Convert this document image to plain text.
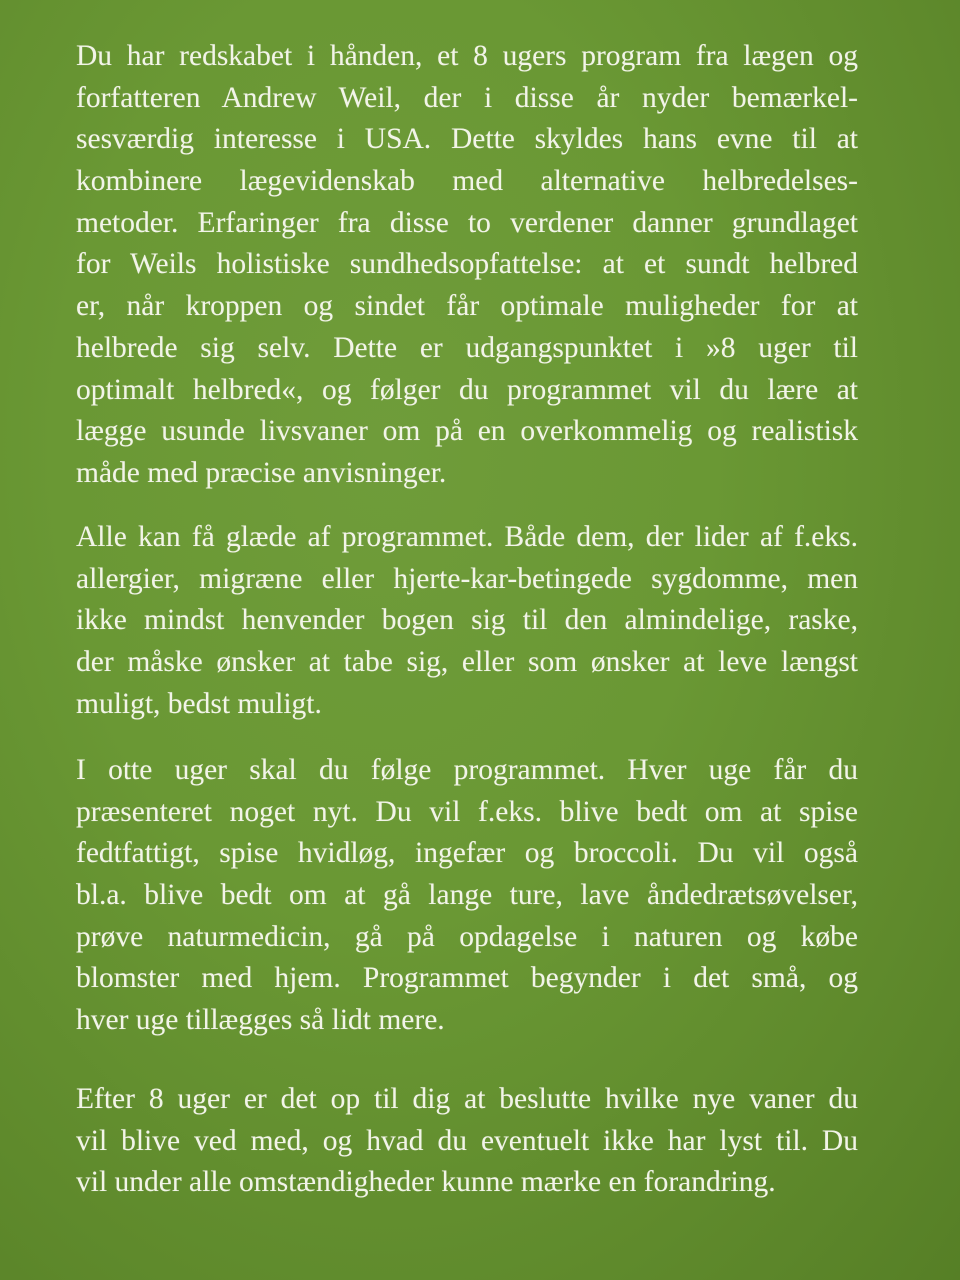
Du har redskabet i hånden, et 8 ugers program fra lægen og
forfatteren Andrew Weil, der i disse år nyder bemærkel-
sesværdig interesse i USA. Dette skyldes hans evne til at
kombinere lægevidenskab med alternative helbredelses-
metoder. Erfaringer fra disse to verdener danner grundlaget
for Weils holistiske sundhedsopfattelse: at et sundt helbred
er, når kroppen og sindet får optimale muligheder for at
helbrede sig selv. Dette er udgangspunktet i »8 uger til
optimalt helbred«, og følger du programmet vil du lære at
lægge usunde livsvaner om på en overkommelig og realistisk
måde med præcise anvisninger.
Alle kan få glæde af programmet. Både dem, der lider af f.eks.
allergier, migræne eller hjerte-kar-betingede sygdomme, men
ikke mindst henvender bogen sig til den almindelige, raske,
der måske ønsker at tabe sig, eller som ønsker at leve længst
muligt, bedst muligt.
I otte uger skal du følge programmet. Hver uge får du
præsenteret noget nyt. Du vil f.eks. blive bedt om at spise
fedtfattigt, spise hvidløg, ingefær og broccoli. Du vil også
bl.a. blive bedt om at gå lange ture, lave åndedrætsøvelser,
prøve naturmedicin, gå på opdagelse i naturen og købe
blomster med hjem. Programmet begynder i det små, og
hver uge tillægges så lidt mere.
Efter 8 uger er det op til dig at beslutte hvilke nye vaner du
vil blive ved med, og hvad du eventuelt ikke har lyst til. Du
vil under alle omstændigheder kunne mærke en forandring.
